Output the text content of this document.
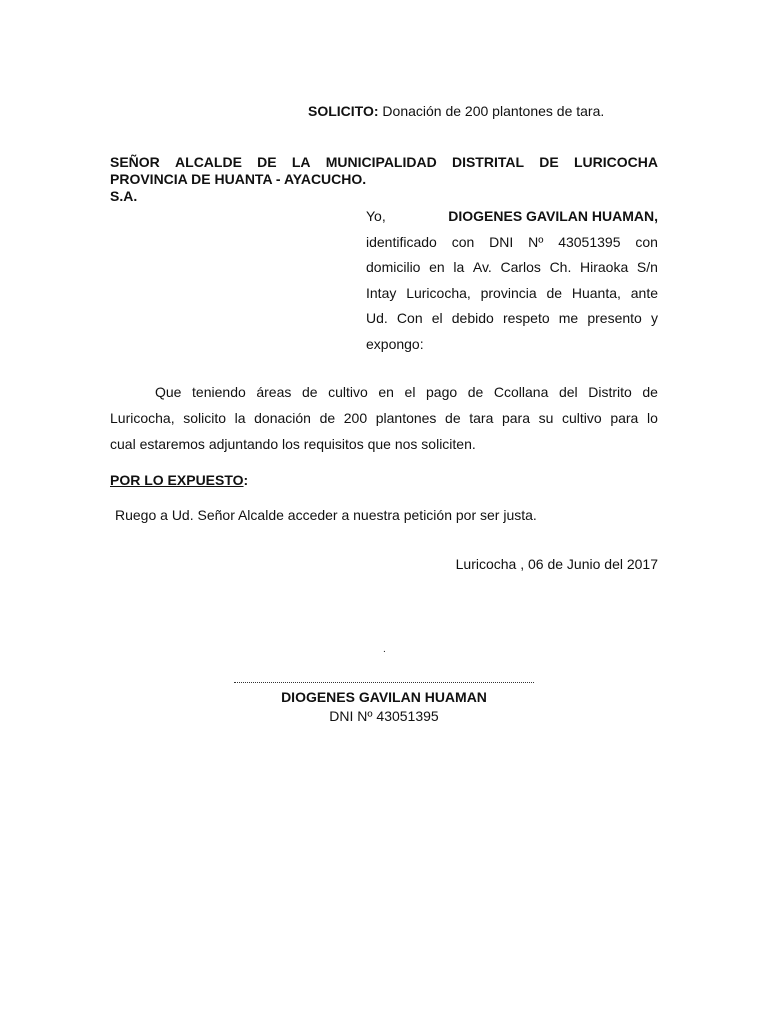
SOLICITO: Donación de 200 plantones de tara.
SEÑOR ALCALDE DE LA MUNICIPALIDAD DISTRITAL DE LURICOCHA
PROVINCIA DE HUANTA - AYACUCHO.
S.A.
Yo,	DIOGENES GAVILAN HUAMAN,
identificado con DNI Nº 43051395 con
domicilio en la Av. Carlos Ch. Hiraoka S/n
Intay Luricocha, provincia de Huanta, ante
Ud. Con el debido respeto me presento y
expongo:
Que teniendo áreas de cultivo en el pago de Ccollana del Distrito de
Luricocha, solicito la donación de 200 plantones de tara para su cultivo para lo
cual estaremos adjuntando los requisitos que nos soliciten.
POR LO EXPUESTO:
Ruego a Ud. Señor Alcalde acceder a nuestra petición por ser justa.
Luricocha , 06 de Junio del 2017
.
DIOGENES GAVILAN HUAMAN
DNI Nº 43051395
